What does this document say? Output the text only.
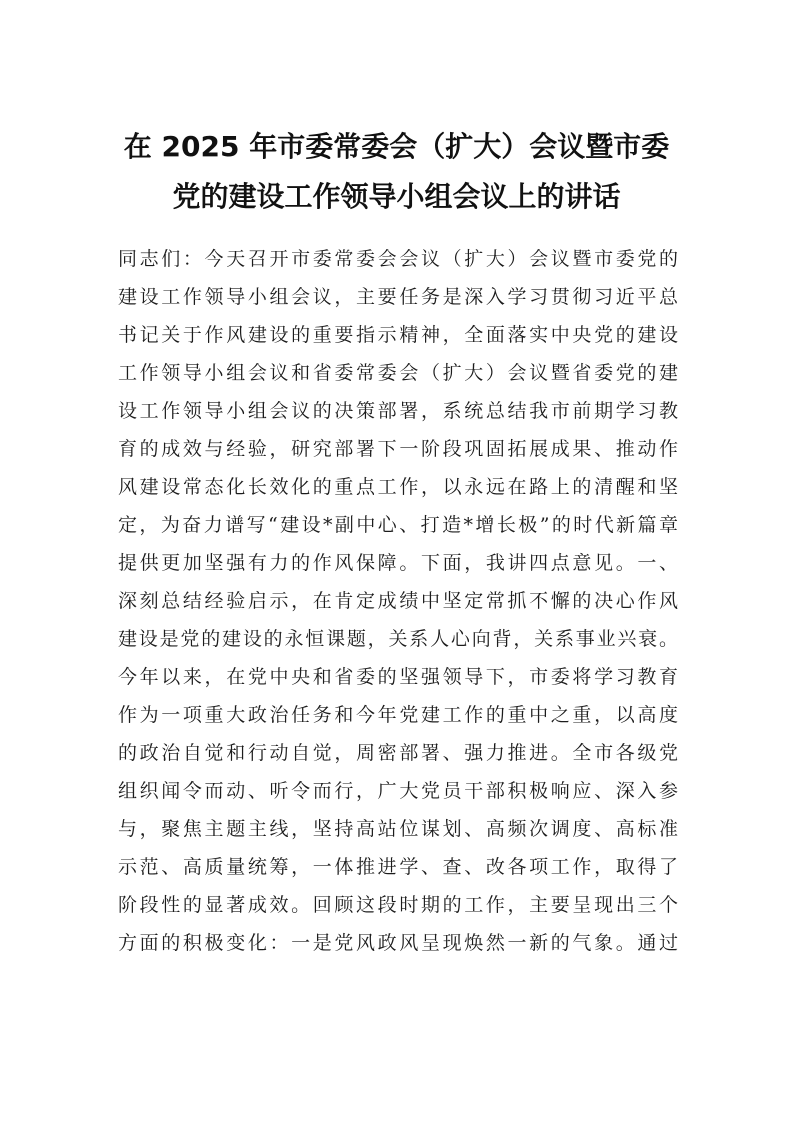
在 2025 年市委常委会（扩大）会议暨市委
党的建设工作领导小组会议上的讲话
同志们：今天召开市委常委会会议（扩大）会议暨市委党的
建设工作领导小组会议，主要任务是深入学习贯彻习近平总
书记关于作风建设的重要指示精神，全面落实中央党的建设
工作领导小组会议和省委常委会（扩大）会议暨省委党的建
设工作领导小组会议的决策部署，系统总结我市前期学习教
育的成效与经验，研究部署下一阶段巩固拓展成果、推动作
风建设常态化长效化的重点工作，以永远在路上的清醒和坚
定，为奋力谱写“建设*副中心、打造*增长极”的时代新篇章
提供更加坚强有力的作风保障。下面，我讲四点意见。一、
深刻总结经验启示，在肯定成绩中坚定常抓不懈的决心作风
建设是党的建设的永恒课题，关系人心向背，关系事业兴衰。
今年以来，在党中央和省委的坚强领导下，市委将学习教育
作为一项重大政治任务和今年党建工作的重中之重，以高度
的政治自觉和行动自觉，周密部署、强力推进。全市各级党
组织闻令而动、听令而行，广大党员干部积极响应、深入参
与，聚焦主题主线，坚持高站位谋划、高频次调度、高标准
示范、高质量统筹，一体推进学、查、改各项工作，取得了
阶段性的显著成效。回顾这段时期的工作，主要呈现出三个
方面的积极变化：一是党风政风呈现焕然一新的气象。通过
